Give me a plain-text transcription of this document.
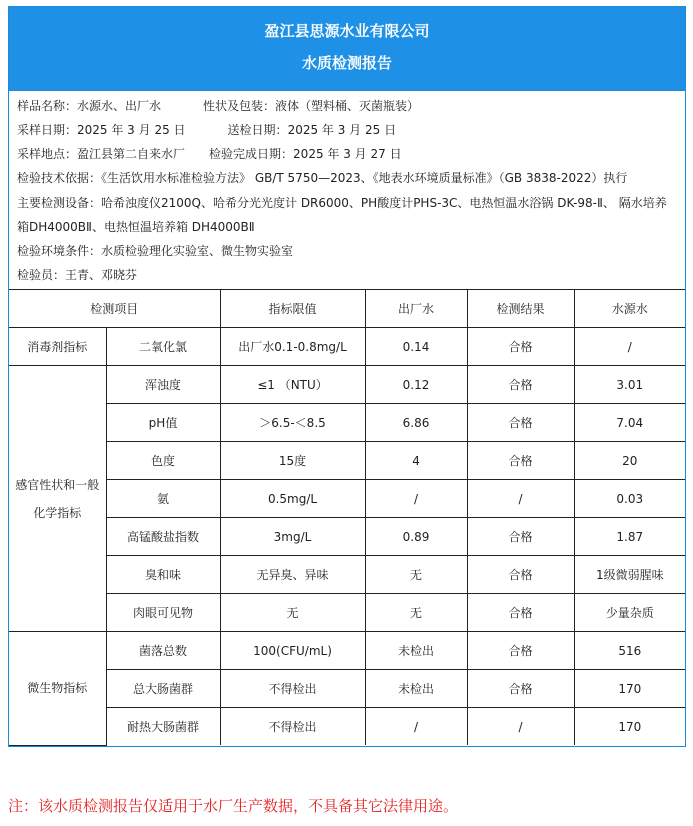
盈江县思源水业有限公司
水质检测报告

样品名称：水源水、出厂水	性状及包装：液体（塑料桶、灭菌瓶装）

采样日期：2025 年 3 月 25 日	送检日期：2025 年 3 月 25 日

采样地点：盈江县第二自来水厂 检验完成日期：2025 年 3 月 27 日

检验技术依据：《生活饮用水标准检验方法》 GB/T 5750—2023、《地表水环境质量标准》（GB 3838-2022）执行

主要检测设备：哈希浊度仪2100Q、哈希分光光度计 DR6000、PH酸度计PHS-3C、电热恒温水浴锅 DK-98-Ⅱ、 隔水培养箱DH4000BⅡ、电热恒温培养箱 DH4000BⅡ

检验环境条件：水质检验理化实验室、微生物实验室

检验员：王青、邓晓芬

检测项目		指标限值	出厂水	检测结果	水源水
消毒剂指标	二氧化氯	出厂水0.1-0.8mg/L	0.14	合格	/
感官性状和一般化学指标	浑浊度	≤1 （NTU）	0.12	合格	3.01
	pH值	＞6.5-＜8.5	6.86	合格	7.04
	色度	15度	4	合格	20
	氨	0.5mg/L	/	/	0.03
	高锰酸盐指数	3mg/L	0.89	合格	1.87
	臭和味	无异臭、异味	无	合格	1级微弱腥味
	肉眼可见物	无	无	合格	少量杂质
微生物指标	菌落总数	100(CFU/mL)	未检出	合格	516
	总大肠菌群	不得检出	未检出	合格	170
	耐热大肠菌群	不得检出	/	/	170
注：该水质检测报告仅适用于水厂生产数据，不具备其它法律用途。
